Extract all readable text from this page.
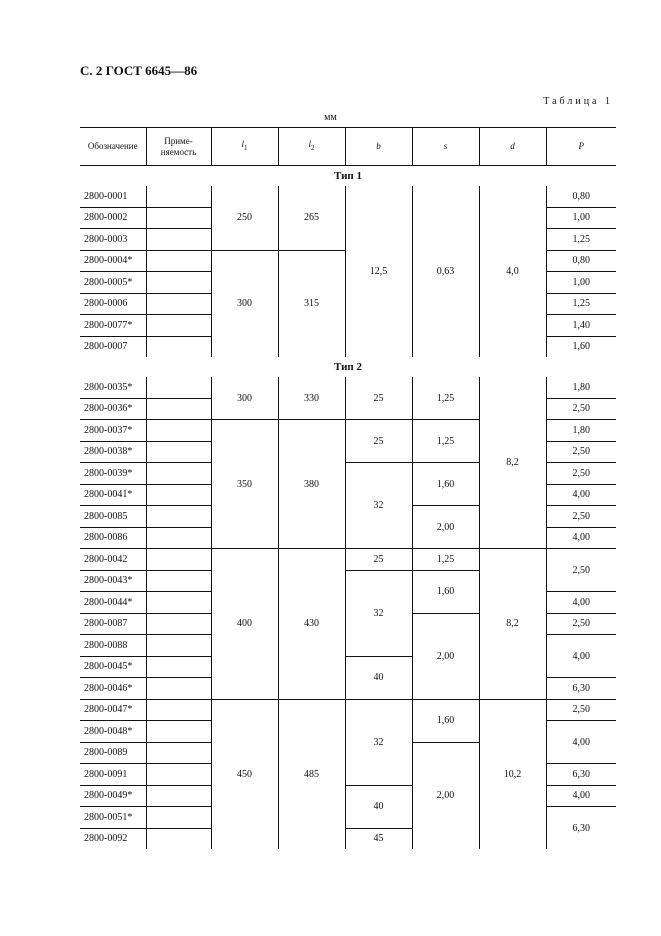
С. 2 ГОСТ 6645—86
Таблица 1
мм
Обозначение	Приме-
няемость	$l_1$	$l_2$	b	s	d	P
Тип 1							
2800-0001		250	265	12,5	0,63	4,0	0,80
2800-0002							1,00
2800-0003							1,25
2800-0004*		300	315				0,80
2800-0005*							1,00
2800-0006							1,25
2800-0077*							1,40
2800-0007							1,60
Тип 2							
2800-0035*		300	330	25	1,25	8,2	1,80
2800-0036*							2,50
2800-0037*		350	380	25	1,25		1,80
2800-0038*							2,50
2800-0039*				32	1,60		2,50
2800-0041*							4,00
2800-0085					2,00		2,50
2800-0086							4,00
2800-0042		400	430	25	1,25	8,2	2,50
2800-0043*				32	1,60		
2800-0044*							4,00
2800-0087					2,00		2,50
2800-0088							4,00
2800-0045*				40			
2800-0046*							6,30
2800-0047*		450	485	32	1,60	10,2	2,50
2800-0048*							4,00
2800-0089					2,00		
2800-0091							6,30
2800-0049*				40			4,00
2800-0051*							6,30
2800-0092				45			
